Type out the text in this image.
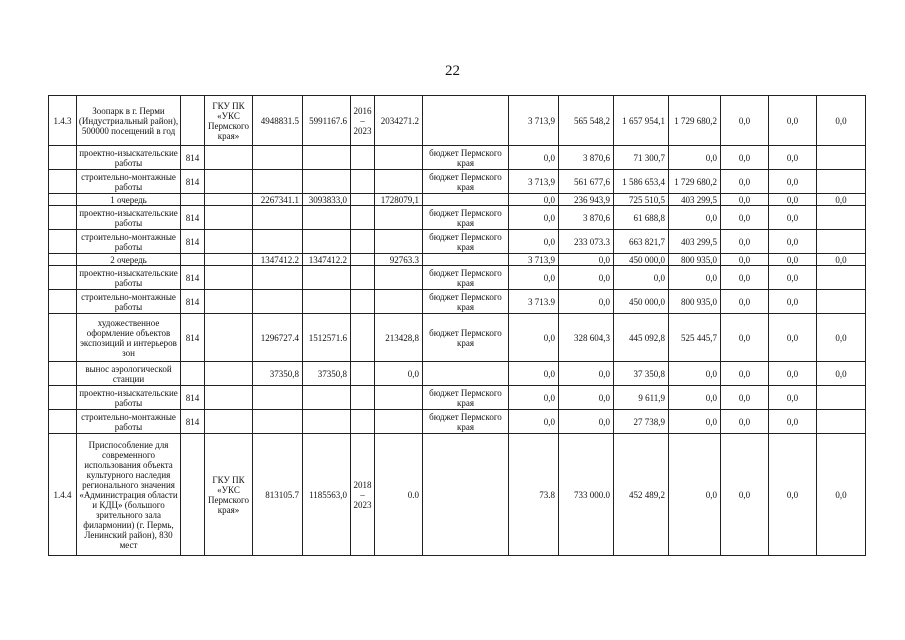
22
1.4.3	Зоопарк в г. Перми (Индустриальный район), 500000 посещений в год		ГКУ ПК «УКС Пермского края»	4948831.5	5991167.6	2016 – 2023	2034271.2		3 713,9	565 548,2	1 657 954,1	1 729 680,2	0,0	0,0	0,0
	проектно-изыскательские работы	814						бюджет Пермского края	0,0	3 870,6	71 300,7	0,0	0,0	0,0	
	строительно-монтажные работы	814						бюджет Пермского края	3 713,9	561 677,6	1 586 653,4	1 729 680,2	0,0	0,0	
	1 очередь			2267341.1	3093833,0		1728079,1		0,0	236 943,9	725 510,5	403 299,5	0,0	0,0	0,0
	проектно-изыскательские работы	814						бюджет Пермского края	0,0	3 870,6	61 688,8	0,0	0,0	0,0	
	строительно-монтажные работы	814						бюджет Пермского края	0,0	233 073.3	663 821,7	403 299,5	0,0	0,0	
	2 очередь			1347412.2	1347412.2		92763.3		3 713,9	0,0	450 000,0	800 935,0	0,0	0,0	0,0
	проектно-изыскательские работы	814						бюджет Пермского края	0,0	0,0	0,0	0,0	0,0	0,0	
	строительно-монтажные работы	814						бюджет Пермского края	3 713.9	0,0	450 000,0	800 935,0	0,0	0,0	
	художественное оформление объектов экспозиций и интерьеров зон	814		1296727.4	1512571.6		213428,8	бюджет Пермского края	0,0	328 604,3	445 092,8	525 445,7	0,0	0,0	0,0
	вынос аэрологической станции			37350,8	37350,8		0,0		0,0	0,0	37 350,8	0,0	0,0	0,0	0,0
	проектно-изыскательские работы	814						бюджет Пермского края	0,0	0,0	9 611,9	0,0	0,0	0,0	
	строительно-монтажные работы	814						бюджет Пермского края	0,0	0,0	27 738,9	0,0	0,0	0,0	
1.4.4	Приспособление для современного использования объекта культурного наследия регионального значения «Администрация области и КДЦ» (большого зрительного зала филармонии) (г. Пермь, Ленинский район), 830 мест		ГКУ ПК «УКС Пермского края»	813105.7	1185563,0	2018 – 2023	0.0		73.8	733 000.0	452 489,2	0,0	0,0	0,0	0,0
